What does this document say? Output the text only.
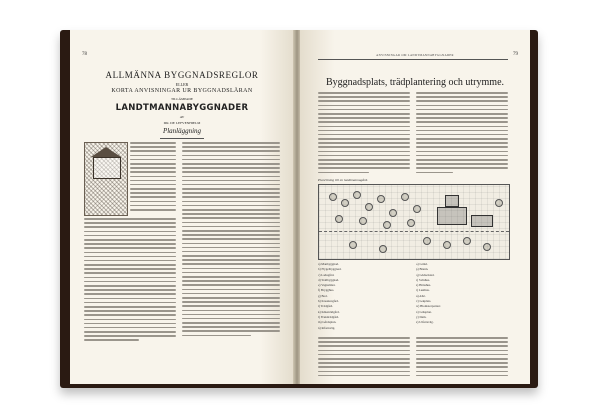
78
ALLMÄNNA BYGGNADSREGLOR
ELLER
KORTA ANVISNINGAR UR BYGGNADSLÄRAN
TILLÄMPADE
LANDTMANNABYGGNADER
AV
DR. DE LEFVENHIELM
Planläggning
ANVISNINGAR OM LANDTMANNABYGGNADER	79
Byggnadsplats, trädplantering och utrymme.
Planritning till en landtmannagård.
a) Manbyggnad.
b) Flygelbyggnad.
c) Ladugård.
d) Stallbyggnad.
e) Vagnslider.
f) Brygghus.
g) Bod.
h) Kreatursgård.
i) Trädgård.
k) Köksträdgård.
l) Fruktträdgård.
m) Gårdsplan.
n) Infartsväg.
o) Grind.
p) Brunn.
q) Gödselstad.
r) Svinhus.
s) Hönshus.
t) Lusthus.
u) Allé.
v) Lekplats.
w) Blomsterparterr.
x) Gräsplan.
y) Dam.
z) Utfartsväg.
